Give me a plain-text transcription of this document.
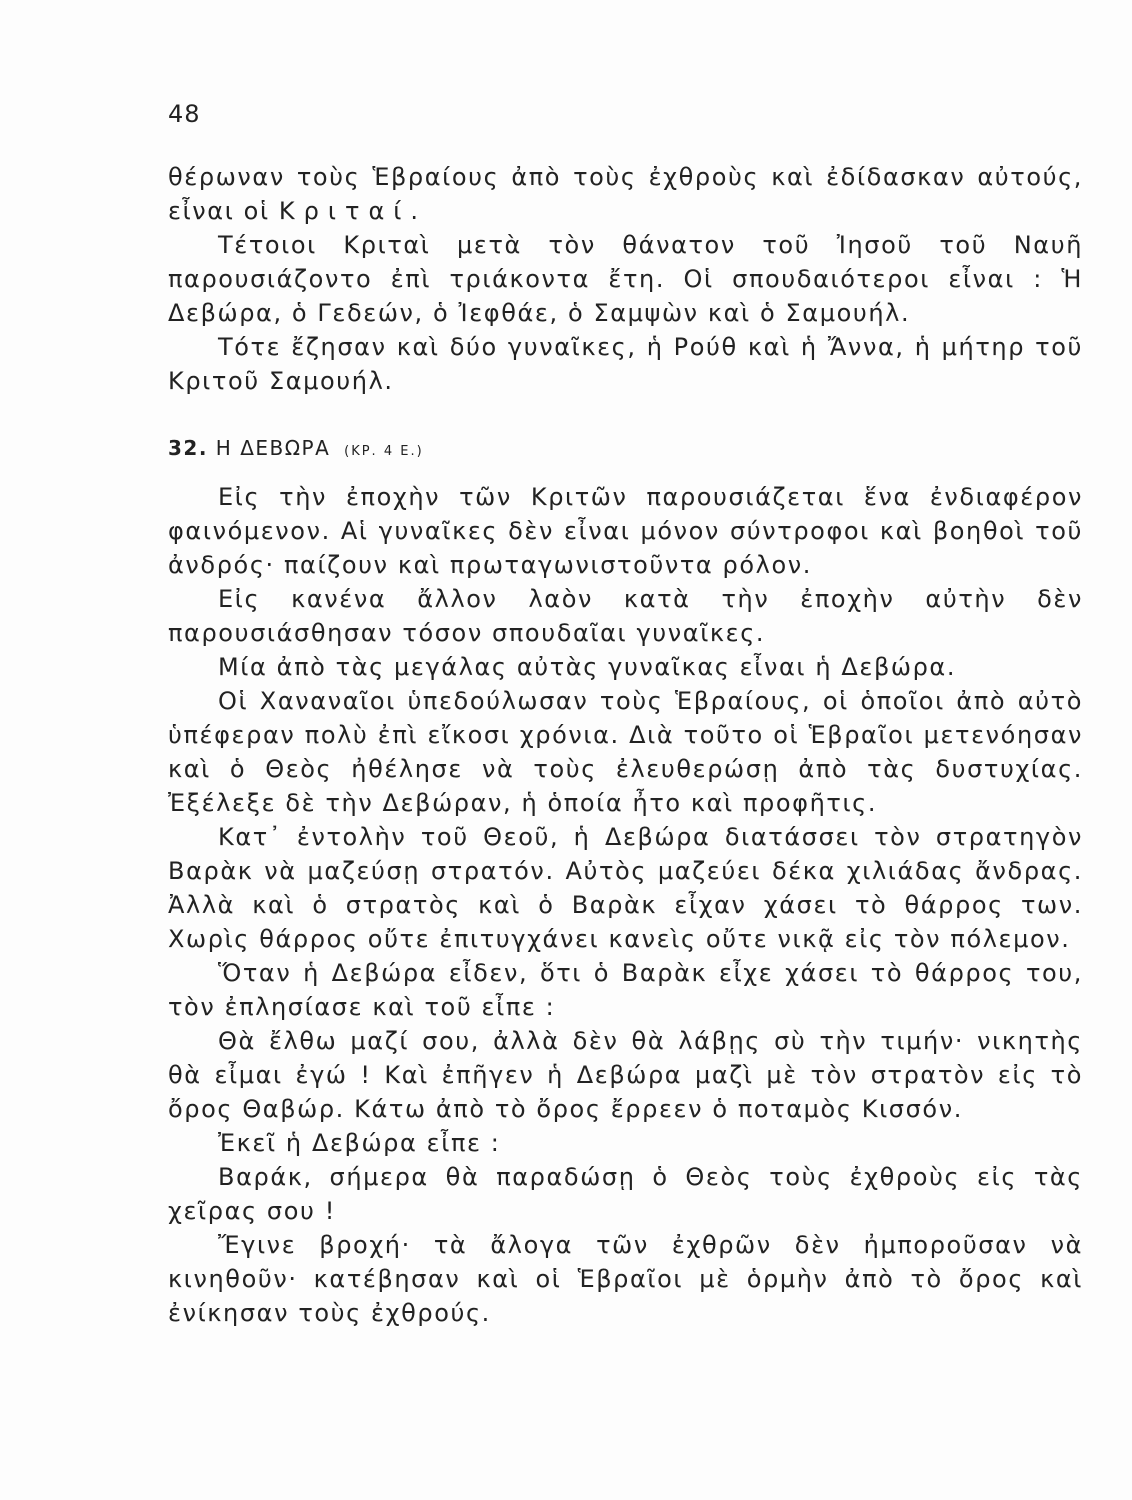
48

θέρωναν τοὺς Ἑβραίους ἀπὸ τοὺς ἐχθροὺς καὶ ἐδίδασκαν αὐτούς, εἶναι οἱ Κριταί.

Τέτοιοι Κριταὶ μετὰ τὸν θάνατον τοῦ Ἰησοῦ τοῦ Ναυῆ παρουσιάζοντο ἐπὶ τριάκοντα ἔτη. Οἱ σπουδαιότεροι εἶναι : Ἡ Δεβώρα, ὁ Γεδεών, ὁ Ἰεφθάε, ὁ Σαμψὼν καὶ ὁ Σαμουήλ.

Τότε ἔζησαν καὶ δύο γυναῖκες, ἡ Ρούθ καὶ ἡ Ἄννα, ἡ μήτηρ τοῦ Κριτοῦ Σαμουήλ.

32. Η ΔΕΒΩΡΑ (ΚΡ. 4 Ε.)

Εἰς τὴν ἐποχὴν τῶν Κριτῶν παρουσιάζεται ἕνα ἐνδιαφέρον φαινόμενον. Αἱ γυναῖκες δὲν εἶναι μόνον σύντροφοι καὶ βοηθοὶ τοῦ ἀνδρός· παίζουν καὶ πρωταγωνιστοῦντα ρόλον.

Εἰς κανένα ἄλλον λαὸν κατὰ τὴν ἐποχὴν αὐτὴν δὲν παρουσιάσθησαν τόσον σπουδαῖαι γυναῖκες.

Μία ἀπὸ τὰς μεγάλας αὐτὰς γυναῖκας εἶναι ἡ Δεβώρα.

Οἱ Χαναναῖοι ὑπεδούλωσαν τοὺς Ἑβραίους, οἱ ὁποῖοι ἀπὸ αὐτὸ ὑπέφεραν πολὺ ἐπὶ εἴκοσι χρόνια. Διὰ τοῦτο οἱ Ἑβραῖοι μετενόησαν καὶ ὁ Θεὸς ἠθέλησε νὰ τοὺς ἐλευθερώσῃ ἀπὸ τὰς δυστυχίας. Ἐξέλεξε δὲ τὴν Δεβώραν, ἡ ὁποία ἦτο καὶ προφῆτις.

Κατ᾽ ἐντολὴν τοῦ Θεοῦ, ἡ Δεβώρα διατάσσει τὸν στρατηγὸν Βαρὰκ νὰ μαζεύσῃ στρατόν. Αὐτὸς μαζεύει δέκα χιλιάδας ἄνδρας. Ἀλλὰ καὶ ὁ στρατὸς καὶ ὁ Βαρὰκ εἶχαν χάσει τὸ θάρρος των. Χωρὶς θάρρος οὔτε ἐπιτυγχάνει κανεὶς οὔτε νικᾷ εἰς τὸν πόλεμον.

Ὅταν ἡ Δεβώρα εἶδεν, ὅτι ὁ Βαρὰκ εἶχε χάσει τὸ θάρρος του, τὸν ἐπλησίασε καὶ τοῦ εἶπε :

Θὰ ἔλθω μαζί σου, ἀλλὰ δὲν θὰ λάβῃς σὺ τὴν τιμήν· νικητὴς θὰ εἶμαι ἐγώ ! Καὶ ἐπῆγεν ἡ Δεβώρα μαζὶ μὲ τὸν στρατὸν εἰς τὸ ὄρος Θαβώρ. Κάτω ἀπὸ τὸ ὄρος ἔρρεεν ὁ ποταμὸς Κισσόν.

Ἐκεῖ ἡ Δεβώρα εἶπε :

Βαράκ, σήμερα θὰ παραδώσῃ ὁ Θεὸς τοὺς ἐχθροὺς εἰς τὰς χεῖρας σου !

Ἔγινε βροχή· τὰ ἄλογα τῶν ἐχθρῶν δὲν ἠμποροῦσαν νὰ κινηθοῦν· κατέβησαν καὶ οἱ Ἑβραῖοι μὲ ὁρμὴν ἀπὸ τὸ ὄρος καὶ ἐνίκησαν τοὺς ἐχθρούς.
